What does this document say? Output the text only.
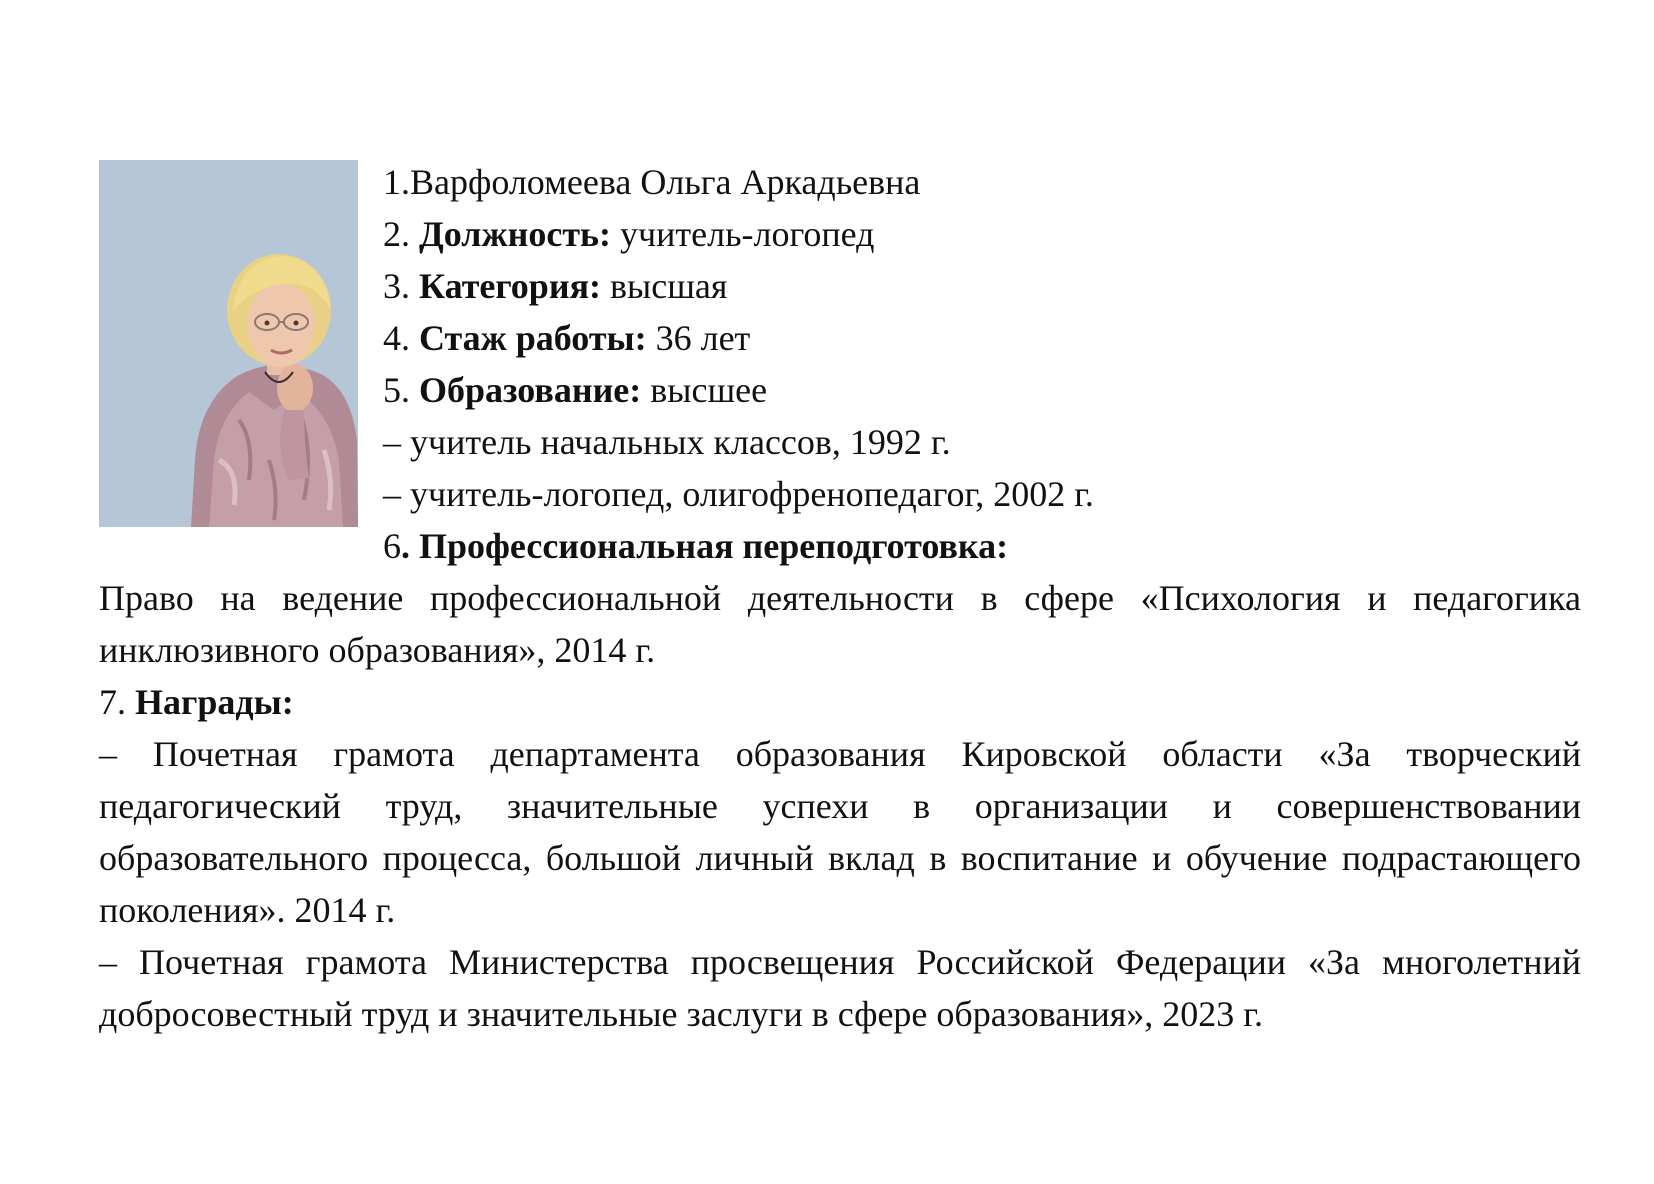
1.Варфоломеева Ольга Аркадьевна
2. Должность: учитель-логопед
3. Категория: высшая
4. Стаж работы: 36 лет
5. Образование: высшее
– учитель начальных классов, 1992 г.
– учитель-логопед, олигофренопедагог, 2002 г.
6. Профессиональная переподготовка:
Право на ведение профессиональной деятельности в сфере «Психология и педагогика инклюзивного образования», 2014 г.
7. Награды:
– Почетная грамота департамента образования Кировской области «За творческий педагогический труд, значительные успехи в организации и совершенствовании образовательного процесса, большой личный вклад в воспитание и обучение подрастающего поколения». 2014 г.
– Почетная грамота Министерства просвещения Российской Федерации «За многолетний добросовестный труд и значительные заслуги в сфере образования», 2023 г.
